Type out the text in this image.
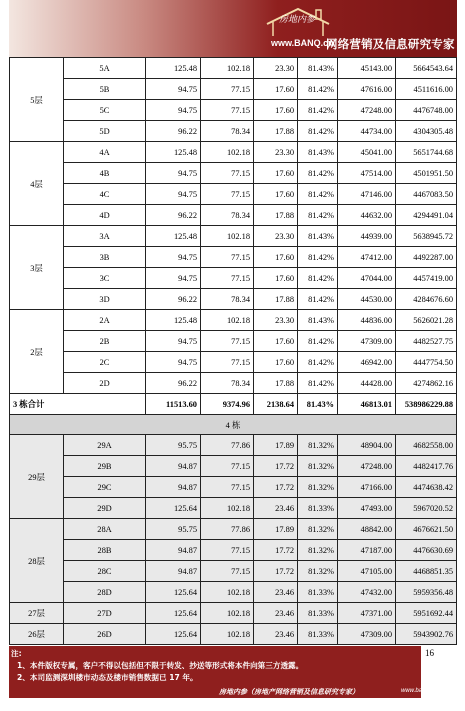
房地内参
www.BANQ.cn
网络营销及信息研究专家
5层	5A	125.48	102.18	23.30	81.43%	45143.00	5664543.64
	5B	94.75	77.15	17.60	81.42%	47616.00	4511616.00
	5C	94.75	77.15	17.60	81.42%	47248.00	4476748.00
	5D	96.22	78.34	17.88	81.42%	44734.00	4304305.48
4层	4A	125.48	102.18	23.30	81.43%	45041.00	5651744.68
	4B	94.75	77.15	17.60	81.42%	47514.00	4501951.50
	4C	94.75	77.15	17.60	81.42%	47146.00	4467083.50
	4D	96.22	78.34	17.88	81.42%	44632.00	4294491.04
3层	3A	125.48	102.18	23.30	81.43%	44939.00	5638945.72
	3B	94.75	77.15	17.60	81.42%	47412.00	4492287.00
	3C	94.75	77.15	17.60	81.42%	47044.00	4457419.00
	3D	96.22	78.34	17.88	81.42%	44530.00	4284676.60
2层	2A	125.48	102.18	23.30	81.43%	44836.00	5626021.28
	2B	94.75	77.15	17.60	81.42%	47309.00	4482527.75
	2C	94.75	77.15	17.60	81.42%	46942.00	4447754.50
	2D	96.22	78.34	17.88	81.42%	44428.00	4274862.16
3 栋合计		11513.60	9374.96	2138.64	81.43%	46813.01	538986229.88
4 栋							
29层	29A	95.75	77.86	17.89	81.32%	48904.00	4682558.00
	29B	94.87	77.15	17.72	81.32%	47248.00	4482417.76
	29C	94.87	77.15	17.72	81.32%	47166.00	4474638.42
	29D	125.64	102.18	23.46	81.33%	47493.00	5967020.52
28层	28A	95.75	77.86	17.89	81.32%	48842.00	4676621.50
	28B	94.87	77.15	17.72	81.32%	47187.00	4476630.69
	28C	94.87	77.15	17.72	81.32%	47105.00	4468851.35
	28D	125.64	102.18	23.46	81.33%	47432.00	5959356.48
27层	27D	125.64	102.18	23.46	81.33%	47371.00	5951692.44
26层	26D	125.64	102.18	23.46	81.33%	47309.00	5943902.76
16
注:
1、本件版权专属，客户不得以包括但不限于转发、抄送等形式将本件向第三方透露。
2、本司监测深圳楼市动态及楼市销售数据已 17 年。
房地内参（房地产网络营销及信息研究专家）	www.banq.cn
